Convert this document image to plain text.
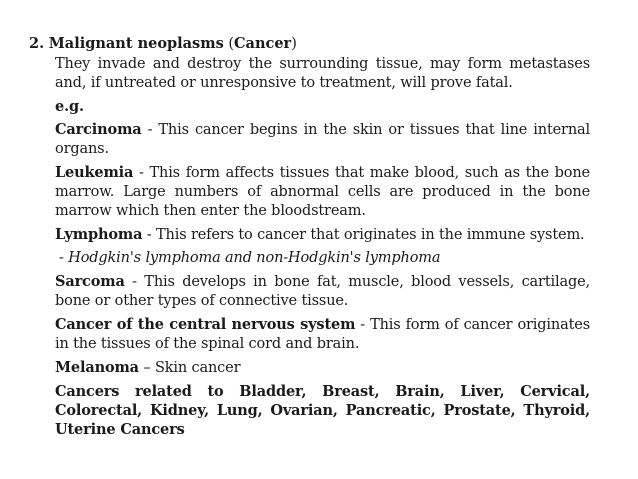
2. Malignant neoplasms (Cancer)

They invade and destroy the surrounding tissue, may form metastases and, if untreated or unresponsive to treatment, will prove fatal.

e.g.

Carcinoma - This cancer begins in the skin or tissues that line internal organs.

Leukemia - This form affects tissues that make blood, such as the bone marrow. Large numbers of abnormal cells are produced in the bone marrow which then enter the bloodstream.

Lymphoma - This refers to cancer that originates in the immune system.

- Hodgkin's lymphoma and non-Hodgkin's lymphoma

Sarcoma - This develops in bone fat, muscle, blood vessels, cartilage, bone or other types of connective tissue.

Cancer of the central nervous system - This form of cancer originates in the tissues of the spinal cord and brain.

Melanoma – Skin cancer

Cancers related to Bladder, Breast, Brain, Liver, Cervical, Colorectal, Kidney, Lung, Ovarian, Pancreatic, Prostate, Thyroid, Uterine Cancers
